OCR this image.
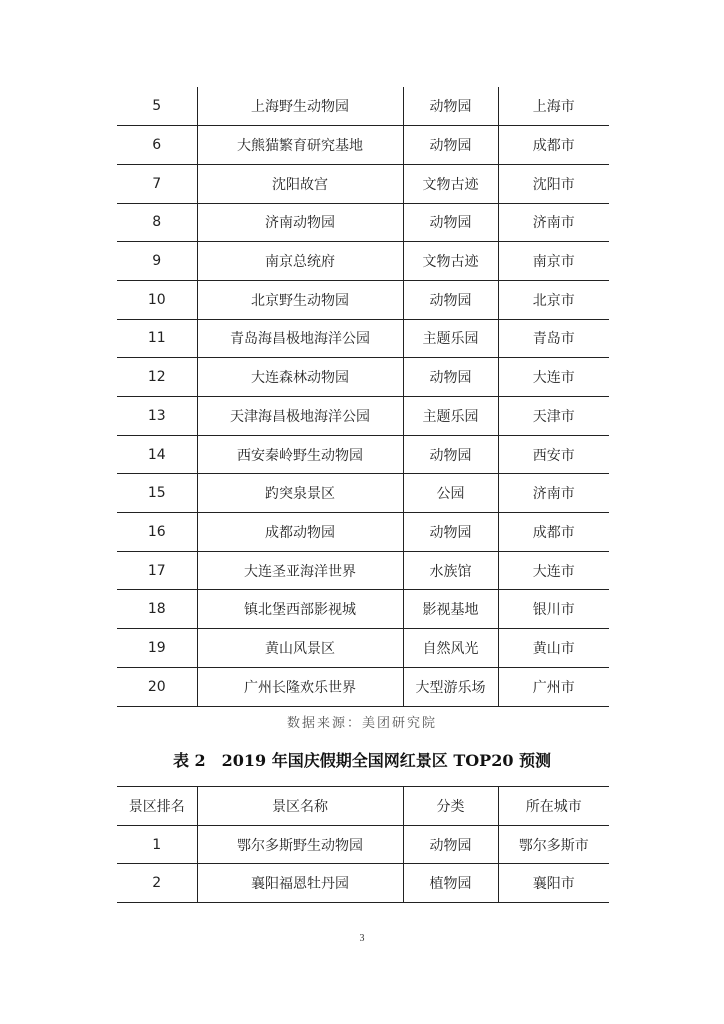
5	上海野生动物园	动物园	上海市
6	大熊猫繁育研究基地	动物园	成都市
7	沈阳故宫	文物古迹	沈阳市
8	济南动物园	动物园	济南市
9	南京总统府	文物古迹	南京市
10	北京野生动物园	动物园	北京市
11	青岛海昌极地海洋公园	主题乐园	青岛市
12	大连森林动物园	动物园	大连市
13	天津海昌极地海洋公园	主题乐园	天津市
14	西安秦岭野生动物园	动物园	西安市
15	趵突泉景区	公园	济南市
16	成都动物园	动物园	成都市
17	大连圣亚海洋世界	水族馆	大连市
18	镇北堡西部影视城	影视基地	银川市
19	黄山风景区	自然风光	黄山市
20	广州长隆欢乐世界	大型游乐场	广州市
数据来源：美团研究院
表 2 2019 年国庆假期全国网红景区 TOP20 预测
景区排名	景区名称	分类	所在城市
1	鄂尔多斯野生动物园	动物园	鄂尔多斯市
2	襄阳福恩牡丹园	植物园	襄阳市
3
